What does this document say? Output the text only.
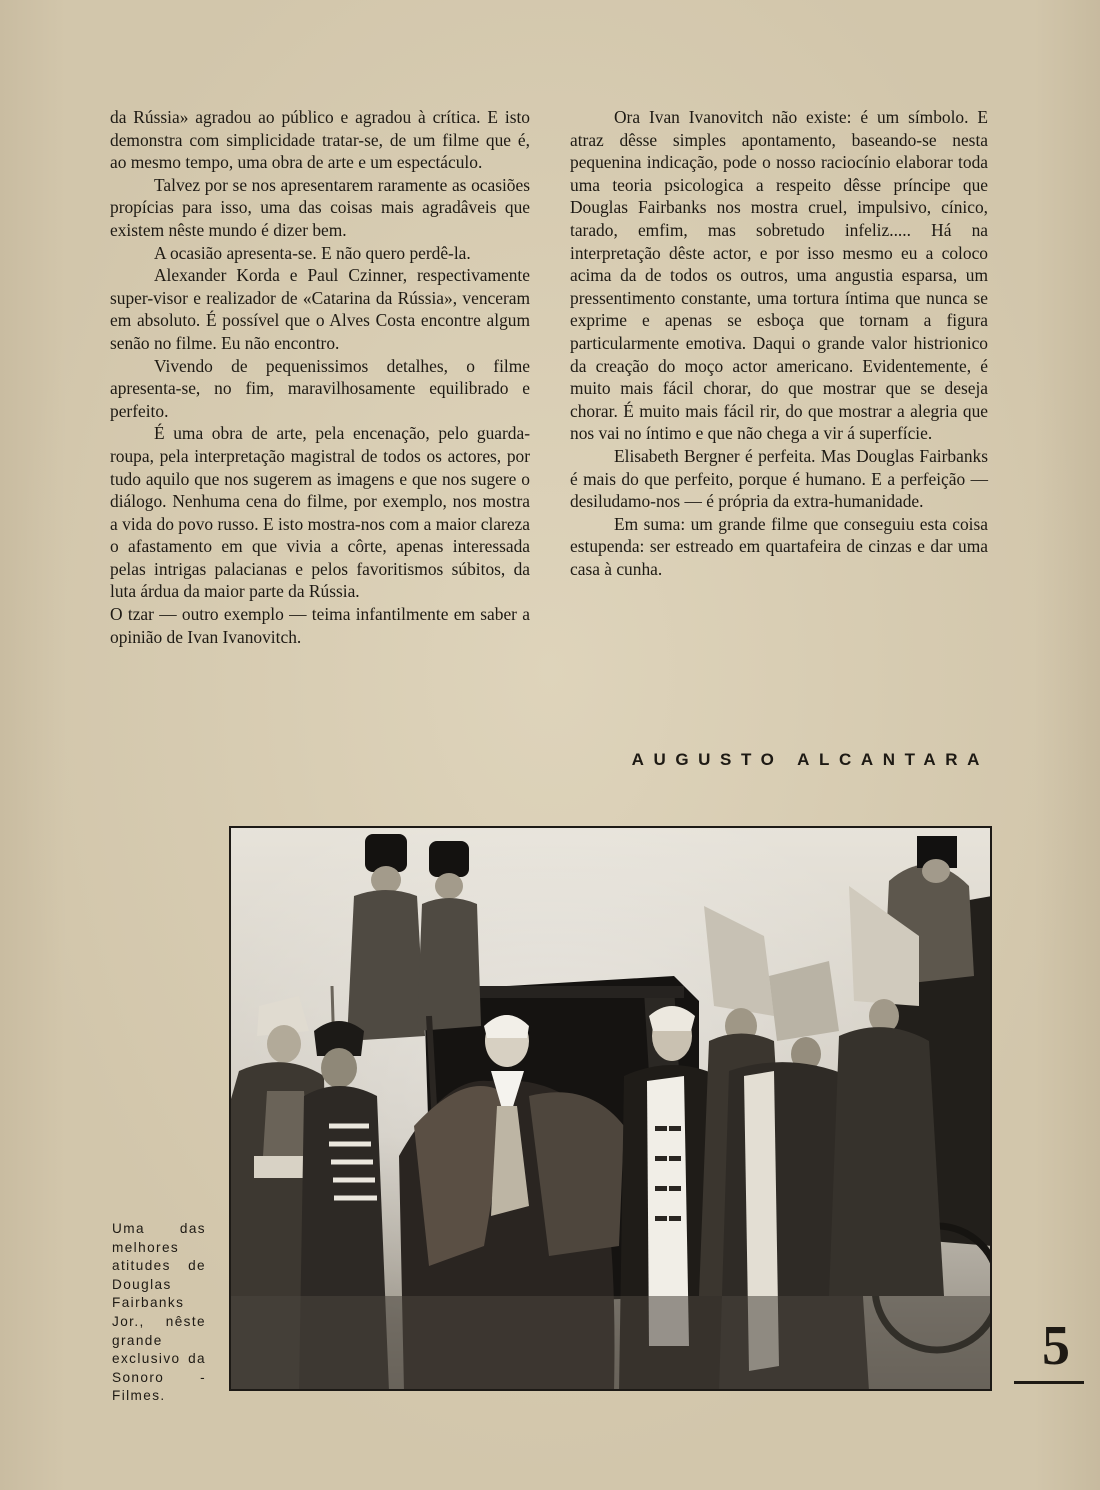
da Rússia» agradou ao público e agradou à crítica. E isto demonstra com simplicidade tratar-se, de um filme que é, ao mesmo tempo, uma obra de arte e um espectáculo.

Talvez por se nos apresentarem raramente as ocasiões propícias para isso, uma das coisas mais agradâveis que existem nêste mundo é dizer bem.

A ocasião apresenta-se. E não quero perdê-la.

Alexander Korda e Paul Czinner, respectivamente super-visor e realizador de «Catarina da Rússia», venceram em absoluto. É possível que o Alves Costa encontre algum senão no filme. Eu não encontro.

Vivendo de pequenissimos detalhes, o filme apresenta-se, no fim, maravilhosamente equilibrado e perfeito.

É uma obra de arte, pela encenação, pelo guarda-roupa, pela interpretação magistral de todos os actores, por tudo aquilo que nos sugerem as imagens e que nos sugere o diálogo. Nenhuma cena do filme, por exemplo, nos mostra a vida do povo russo. E isto mostra-nos com a maior clareza o afastamento em que vivia a côrte, apenas interessada pelas intrigas palacianas e pelos favoritismos súbitos, da luta árdua da maior parte da Rússia.

O tzar — outro exemplo — teima infantilmente em saber a opinião de Ivan Ivanovitch.

Ora Ivan Ivanovitch não existe: é um símbolo. E atraz dêsse simples apontamento, baseando-se nesta pequenina indicação, pode o nosso raciocínio elaborar toda uma teoria psicologica a respeito dêsse príncipe que Douglas Fairbanks nos mostra cruel, impulsivo, cínico, tarado, emfim, mas sobretudo infeliz..... Há na interpretação dêste actor, e por isso mesmo eu a coloco acima da de todos os outros, uma angustia esparsa, um pressentimento constante, uma tortura íntima que nunca se exprime e apenas se esboça que tornam a figura particularmente emotiva. Daqui o grande valor histrionico da creação do moço actor americano. Evidentemente, é muito mais fácil chorar, do que mostrar que se deseja chorar. É muito mais fácil rir, do que mostrar a alegria que nos vai no íntimo e que não chega a vir á superfície.

Elisabeth Bergner é perfeita. Mas Douglas Fairbanks é mais do que perfeito, porque é humano. E a perfeição — desiludamo-nos — é própria da extra-humanidade.

Em suma: um grande filme que conseguiu esta coisa estupenda: ser estreado em quartafeira de cinzas e dar uma casa à cunha.

AUGUSTO ALCANTARA
Uma das melhores atitudes de Douglas Fairbanks Jor., nêste grande exclusivo da Sonoro - Filmes.
5
